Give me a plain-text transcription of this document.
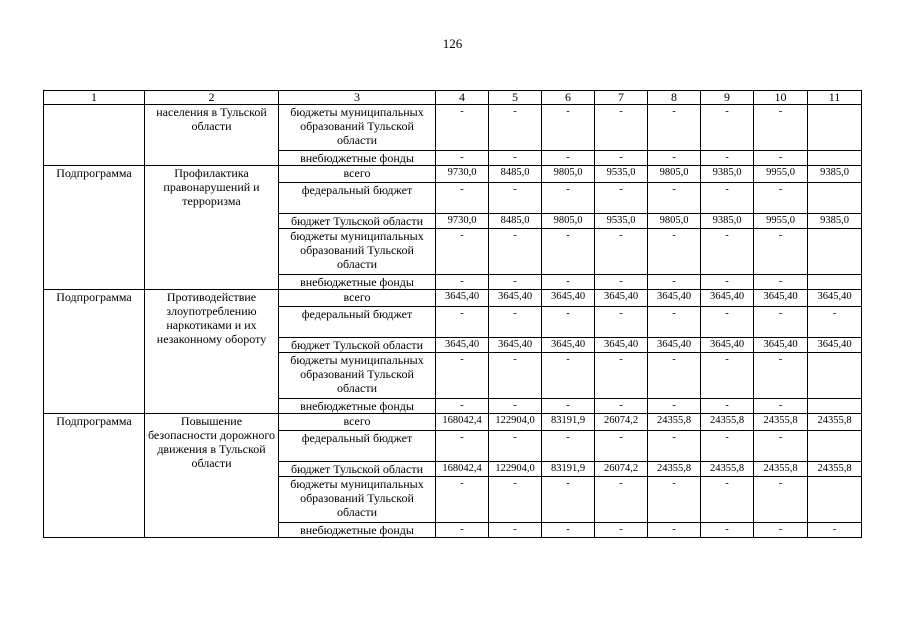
126
1	2	3	4	5	6	7	8	9	10	11
	населения в Тульской области	бюджеты муниципальных образований Тульской области	-	-	-	-	-	-	-	
		внебюджетные фонды	-	-	-	-	-	-	-	
Подпрограмма	Профилактика правонарушений и терроризма	всего	9730,0	8485,0	9805,0	9535,0	9805,0	9385,0	9955,0	9385,0
		федеральный бюджет	-	-	-	-	-	-	-	
		бюджет Тульской области	9730,0	8485,0	9805,0	9535,0	9805,0	9385,0	9955,0	9385,0
		бюджеты муниципальных образований Тульской области	-	-	-	-	-	-	-	
		внебюджетные фонды	-	-	-	-	-	-	-	
Подпрограмма	Противодействие злоупотреблению наркотиками и их незаконному обороту	всего	3645,40	3645,40	3645,40	3645,40	3645,40	3645,40	3645,40	3645,40
		федеральный бюджет	-	-	-	-	-	-	-	-
		бюджет Тульской области	3645,40	3645,40	3645,40	3645,40	3645,40	3645,40	3645,40	3645,40
		бюджеты муниципальных образований Тульской области	-	-	-	-	-	-	-	
		внебюджетные фонды	-	-	-	-	-	-	-	
Подпрограмма	Повышение безопасности дорожного движения в Тульской области	всего	168042,4	122904,0	83191,9	26074,2	24355,8	24355,8	24355,8	24355,8
		федеральный бюджет	-	-	-	-	-	-	-	
		бюджет Тульской области	168042,4	122904,0	83191,9	26074,2	24355,8	24355,8	24355,8	24355,8
		бюджеты муниципальных образований Тульской области	-	-	-	-	-	-	-	
		внебюджетные фонды	-	-	-	-	-	-	-	-
